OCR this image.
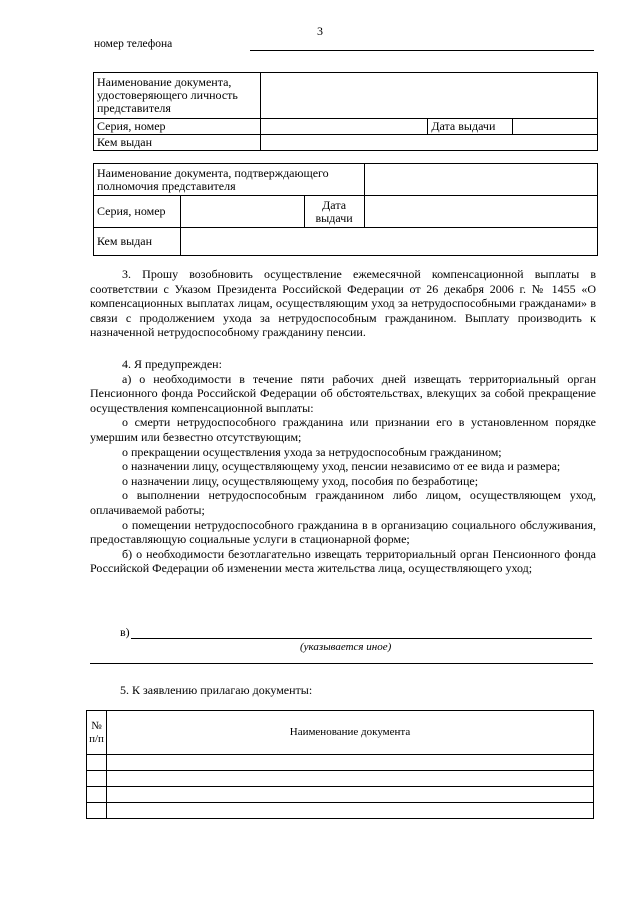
3
номер телефона
Наименование документа, удостоверяющего личность представителя			
Серия, номер		Дата выдачи	
Кем выдан			
Наименование документа, подтверждающего полномочия представителя			
Серия, номер		Дата выдачи	
Кем выдан			

3. Прошу возобновить осуществление ежемесячной компенсационной выплаты в соответствии с Указом Президента Российской Федерации от 26 декабря 2006 г. № 1455 «О компенсационных выплатах лицам, осуществляющим уход за нетрудоспособными гражданами» в связи с продолжением ухода за нетрудоспособным гражданином. Выплату производить к назначенной нетрудоспособному гражданину пенсии.

4. Я предупрежден:

а) о необходимости в течение пяти рабочих дней извещать территориальный орган Пенсионного фонда Российской Федерации об обстоятельствах, влекущих за собой прекращение осуществления компенсационной выплаты:

о смерти нетрудоспособного гражданина или признании его в установленном порядке умершим или безвестно отсутствующим;

о прекращении осуществления ухода за нетрудоспособным гражданином;

о назначении лицу, осуществляющему уход, пенсии независимо от ее вида и размера;

о назначении лицу, осуществляющему уход, пособия по безработице;

о выполнении нетрудоспособным гражданином либо лицом, осуществляющем уход, оплачиваемой работы;

о помещении нетрудоспособного гражданина в в организацию социального обслуживания, предоставляющую социальные услуги в стационарной форме;

б) о необходимости безотлагательно извещать территориальный орган Пенсионного фонда Российской Федерации об изменении места жительства лица, осуществляющего уход;

в)
(указывается иное)
5. К заявлению прилагаю документы:
№ п/п	Наименование документа
